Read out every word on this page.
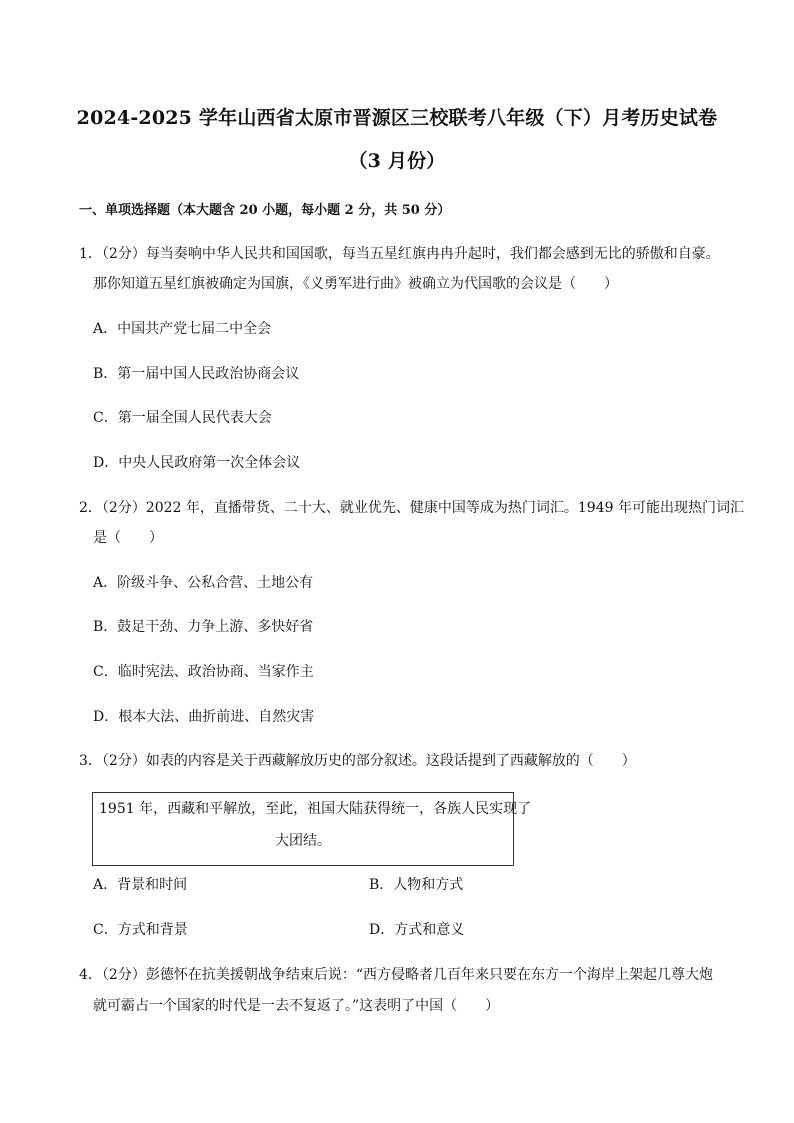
2024-2025 学年山西省太原市晋源区三校联考八年级（下）月考历史试卷
（3 月份）
一、单项选择题（本大题含 20 小题，每小题 2 分，共 50 分）
1．（2分）每当奏响中华人民共和国国歌，每当五星红旗冉冉升起时，我们都会感到无比的骄傲和自豪。
那你知道五星红旗被确定为国旗，《义勇军进行曲》被确立为代国歌的会议是（　　）
A．中国共产党七届二中全会
B．第一届中国人民政治协商会议
C．第一届全国人民代表大会
D．中央人民政府第一次全体会议
2．（2分）2022 年，直播带货、二十大、就业优先、健康中国等成为热门词汇。1949 年可能出现热门词汇
是（　　）
A．阶级斗争、公私合营、土地公有
B．鼓足干劲、力争上游、多快好省
C．临时宪法、政治协商、当家作主
D．根本大法、曲折前进、自然灾害
3．（2分）如表的内容是关于西藏解放历史的部分叙述。这段话提到了西藏解放的（　　）
1951 年，西藏和平解放，至此，祖国大陆获得统一，各族人民实现了
大团结。
A．背景和时间	B．人物和方式
C．方式和背景	D．方式和意义
4．（2分）彭德怀在抗美援朝战争结束后说：“西方侵略者几百年来只要在东方一个海岸上架起几尊大炮
就可霸占一个国家的时代是一去不复返了。”这表明了中国（　　）
